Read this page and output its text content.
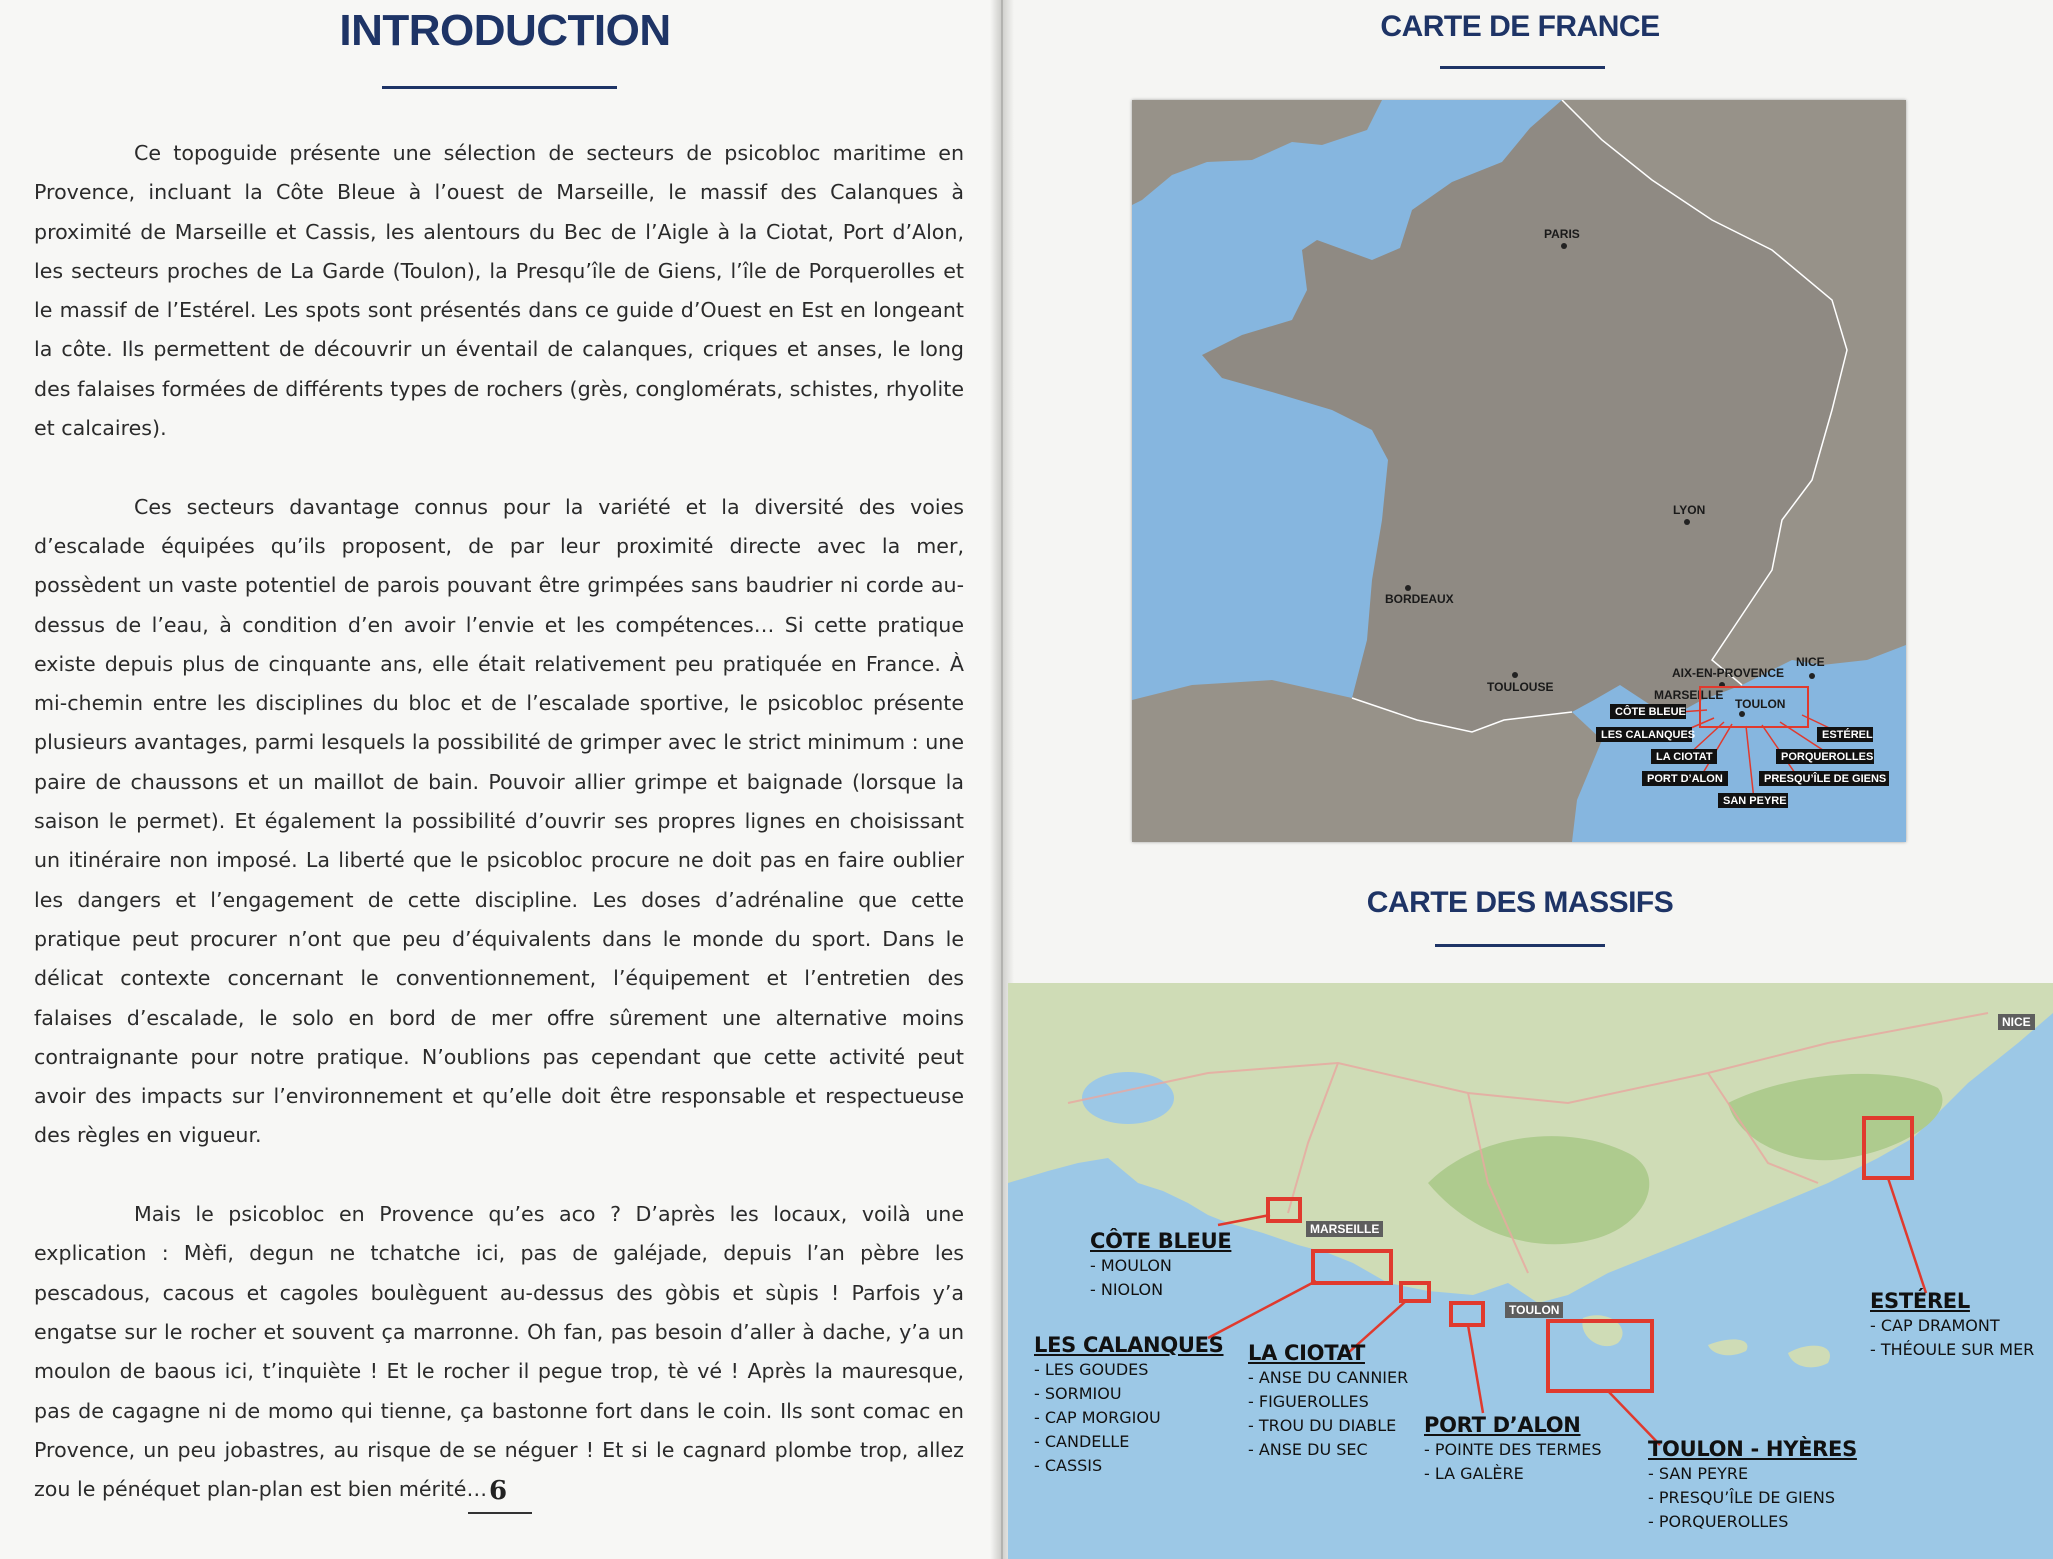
INTRODUCTION

Ce topoguide présente une sélection de secteurs de psicobloc maritime en Provence, incluant la Côte Bleue à l’ouest de Marseille, le massif des Calanques à proximité de Marseille et Cassis, les alentours du Bec de l’Aigle à la Ciotat, Port d’Alon, les secteurs proches de La Garde (Toulon), la Presqu’île de Giens, l’île de Porquerolles et le massif de l’Estérel. Les spots sont présentés dans ce guide d’Ouest en Est en longeant la côte. Ils permettent de découvrir un éventail de calanques, criques et anses, le long des falaises formées de différents types de rochers (grès, conglomérats, schistes, rhyolite et calcaires).

Ces secteurs davantage connus pour la variété et la diversité des voies d’escalade équipées qu’ils proposent, de par leur proximité directe avec la mer, possèdent un vaste potentiel de parois pouvant être grimpées sans baudrier ni corde au-dessus de l’eau, à condition d’en avoir l’envie et les compétences… Si cette pratique existe depuis plus de cinquante ans, elle était relativement peu pratiquée en France. À mi-chemin entre les disciplines du bloc et de l’escalade sportive, le psicobloc présente plusieurs avantages, parmi lesquels la possibilité de grimper avec le strict minimum : une paire de chaussons et un maillot de bain. Pouvoir allier grimpe et baignade (lorsque la saison le permet). Et également la possibilité d’ouvrir ses propres lignes en choisissant un itinéraire non imposé. La liberté que le psicobloc procure ne doit pas en faire oublier les dangers et l’engagement de cette discipline. Les doses d’adrénaline que cette pratique peut procurer n’ont que peu d’équivalents dans le monde du sport. Dans le délicat contexte concernant le conventionnement, l’équipement et l’entretien des falaises d’escalade, le solo en bord de mer offre sûrement une alternative moins contraignante pour notre pratique. N’oublions pas cependant que cette activité peut avoir des impacts sur l’environnement et qu’elle doit être responsable et respectueuse des règles en vigueur.

Mais le psicobloc en Provence qu’es aco ? D’après les locaux, voilà une explication : Mèfi, degun ne tchatche ici, pas de galéjade, depuis l’an pèbre les pescadous, cacous et cagoles boulèguent au-dessus des gòbis et sùpis ! Parfois y’a engatse sur le rocher et souvent ça marronne. Oh fan, pas besoin d’aller à dache, y’a un moulon de baous ici, t’inquiète ! Et le rocher il pegue trop, tè vé ! Après la mauresque, pas de cagagne ni de momo qui tienne, ça bastonne fort dans le coin. Ils sont comac en Provence, un peu jobastres, au risque de se néguer ! Et si le cagnard plombe trop, allez zou le pénéquet plan-plan est bien mérité… 6
CARTE DE FRANCE
PARIS
LYON
BORDEAUX
TOULOUSE
AIX-EN-PROVENCE
NICE
MARSEILLE
TOULON
CÔTE BLEUE
LES CALANQUES
LA CIOTAT
PORT D’ALON
SAN PEYRE
ESTÉREL
PORQUEROLLES
PRESQU’ÎLE DE GIENS
CARTE DES MASSIFS
MARSEILLE
TOULON
NICE
CÔTE BLEUE
- MOULON
- NIOLON
LES CALANQUES
- LES GOUDES
- SORMIOU
- CAP MORGIOU
- CANDELLE
- CASSIS
LA CIOTAT
- ANSE DU CANNIER
- FIGUEROLLES
- TROU DU DIABLE
- ANSE DU SEC
PORT D’ALON
- POINTE DES TERMES
- LA GALÈRE
TOULON - HYÈRES
- SAN PEYRE
- PRESQU’ÎLE DE GIENS
- PORQUEROLLES
ESTÉREL
- CAP DRAMONT
- THÉOULE SUR MER
